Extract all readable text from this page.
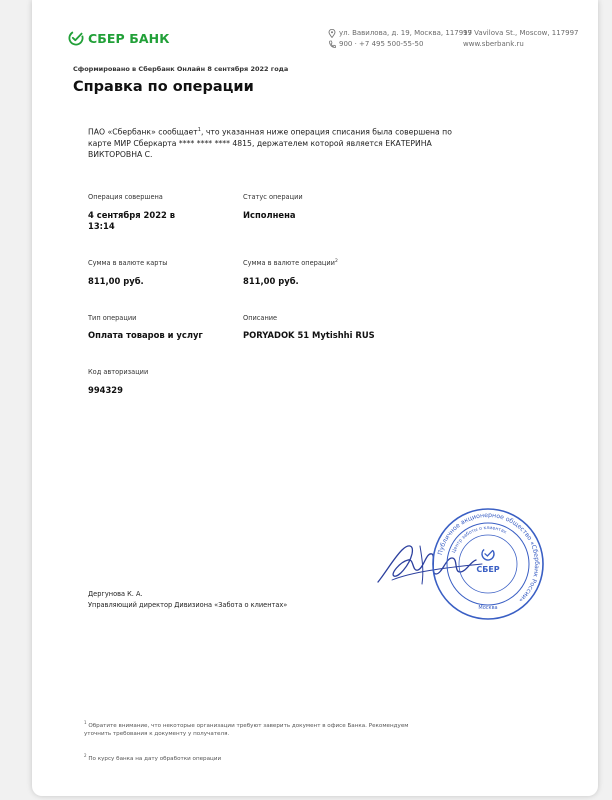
СБЕР БАНК	ул. Вавилова, д. 19, Москва, 117997
900 · +7 495 500-55-50
19 Vavilova St., Moscow, 117997
www.sberbank.ru
Сформировано в Сбербанк Онлайн 8 сентября 2022 года
Справка по операции
ПАО «Сбербанк» сообщает$^1$, что указанная ниже операция списания была совершена по карте МИР Сберкарта **** **** **** 4815, держателем которой является ЕКАТЕРИНА ВИКТОРОВНА С.
Операция совершена
4 сентября 2022 в 13:14
Статус операции
Исполнена
Сумма в валюте карты
811,00 руб.
Сумма в валюте операции$^2$
811,00 руб.
Тип операции
Оплата товаров и услуг
Описание
PORYADOK 51 Mytishhi RUS
Код авторизации
994329
Публичное акционерное общество «Сбербанк России»
Центр заботы о клиентах
СБЕР
Москва
Дергунова К. А.
Управляющий директор Дивизиона «Забота о клиентах»
$^1$ Обратите внимание, что некоторые организации требуют заверить документ в офисе Банка. Рекомендуем уточнить требования к документу у получателя.
$^2$ По курсу банка на дату обработки операции
